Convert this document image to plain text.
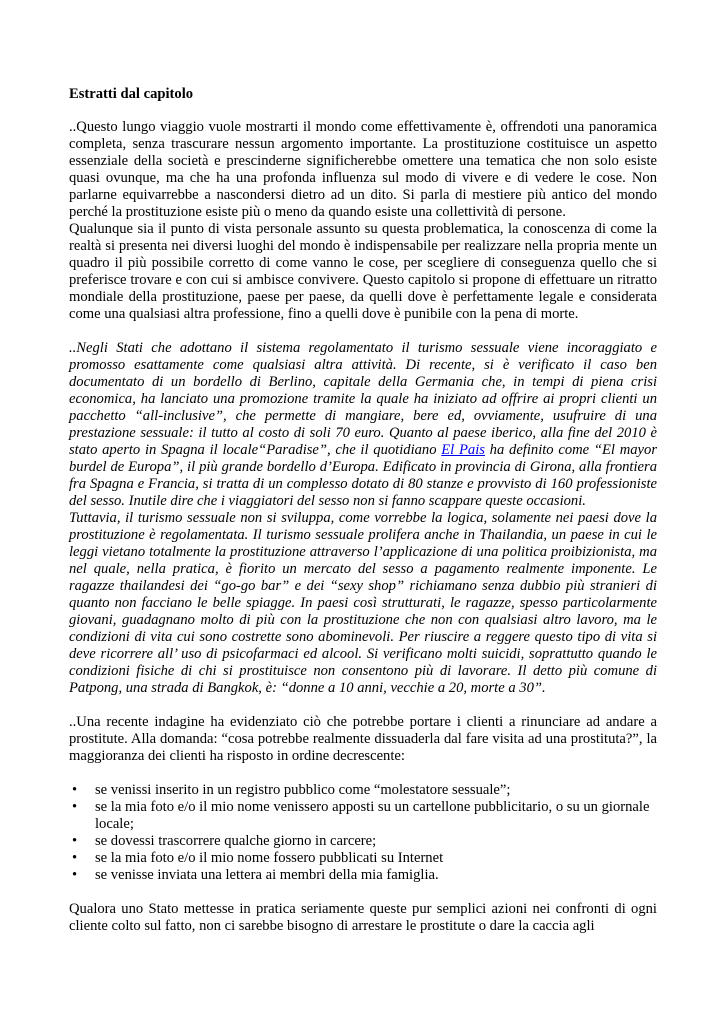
Estratti dal capitolo

..Questo lungo viaggio vuole mostrarti il mondo come effettivamente è, offrendoti una panoramica completa, senza trascurare nessun argomento importante. La prostituzione costituisce un aspetto essenziale della società e prescinderne significherebbe omettere una tematica che non solo esiste quasi ovunque, ma che ha una profonda influenza sul modo di vivere e di vedere le cose. Non parlarne equivarrebbe a nascondersi dietro ad un dito. Si parla di mestiere più antico del mondo perché la prostituzione esiste più o meno da quando esiste una collettività di persone.

Qualunque sia il punto di vista personale assunto su questa problematica, la conoscenza di come la realtà si presenta nei diversi luoghi del mondo è indispensabile per realizzare nella propria mente un quadro il più possibile corretto di come vanno le cose, per scegliere di conseguenza quello che si preferisce trovare e con cui si ambisce convivere. Questo capitolo si propone di effettuare un ritratto mondiale della prostituzione, paese per paese, da quelli dove è perfettamente legale e considerata come una qualsiasi altra professione, fino a quelli dove è punibile con la pena di morte.

..Negli Stati che adottano il sistema regolamentato il turismo sessuale viene incoraggiato e promosso esattamente come qualsiasi altra attività. Di recente, si è verificato il caso ben documentato di un bordello di Berlino, capitale della Germania che, in tempi di piena crisi economica, ha lanciato una promozione tramite la quale ha iniziato ad offrire ai propri clienti un pacchetto “all-inclusive”, che permette di mangiare, bere ed, ovviamente, usufruire di una prestazione sessuale: il tutto al costo di soli 70 euro. Quanto al paese iberico, alla fine del 2010 è stato aperto in Spagna il locale“Paradise”, che il quotidiano El Pais ha definito come “El mayor burdel de Europa”, il più grande bordello d’Europa. Edificato in provincia di Girona, alla frontiera fra Spagna e Francia, si tratta di un complesso dotato di 80 stanze e provvisto di 160 professioniste del sesso. Inutile dire che i viaggiatori del sesso non si fanno scappare queste occasioni.

Tuttavia, il turismo sessuale non si sviluppa, come vorrebbe la logica, solamente nei paesi dove la prostituzione è regolamentata. Il turismo sessuale prolifera anche in Thailandia, un paese in cui le leggi vietano totalmente la prostituzione attraverso l’applicazione di una politica proibizionista, ma nel quale, nella pratica, è fiorito un mercato del sesso a pagamento realmente imponente. Le ragazze thailandesi dei “go-go bar” e dei “sexy shop” richiamano senza dubbio più stranieri di quanto non facciano le belle spiagge. In paesi così strutturati, le ragazze, spesso particolarmente giovani, guadagnano molto di più con la prostituzione che non con qualsiasi altro lavoro, ma le condizioni di vita cui sono costrette sono abominevoli. Per riuscire a reggere questo tipo di vita si deve ricorrere all’ uso di psicofarmaci ed alcool. Si verificano molti suicidi, soprattutto quando le condizioni fisiche di chi si prostituisce non consentono più di lavorare. Il detto più comune di Patpong, una strada di Bangkok, è: “donne a 10 anni, vecchie a 20, morte a 30”.

..Una recente indagine ha evidenziato ciò che potrebbe portare i clienti a rinunciare ad andare a prostitute. Alla domanda: “cosa potrebbe realmente dissuaderla dal fare visita ad una prostituta?”, la maggioranza dei clienti ha risposto in ordine decrescente:

• se venissi inserito in un registro pubblico come “molestatore sessuale”;
• se la mia foto e/o il mio nome venissero apposti su un cartellone pubblicitario, o su un giornale locale;
• se dovessi trascorrere qualche giorno in carcere;
• se la mia foto e/o il mio nome fossero pubblicati su Internet
• se venisse inviata una lettera ai membri della mia famiglia.

Qualora uno Stato mettesse in pratica seriamente queste pur semplici azioni nei confronti di ogni cliente colto sul fatto, non ci sarebbe bisogno di arrestare le prostitute o dare la caccia agli
